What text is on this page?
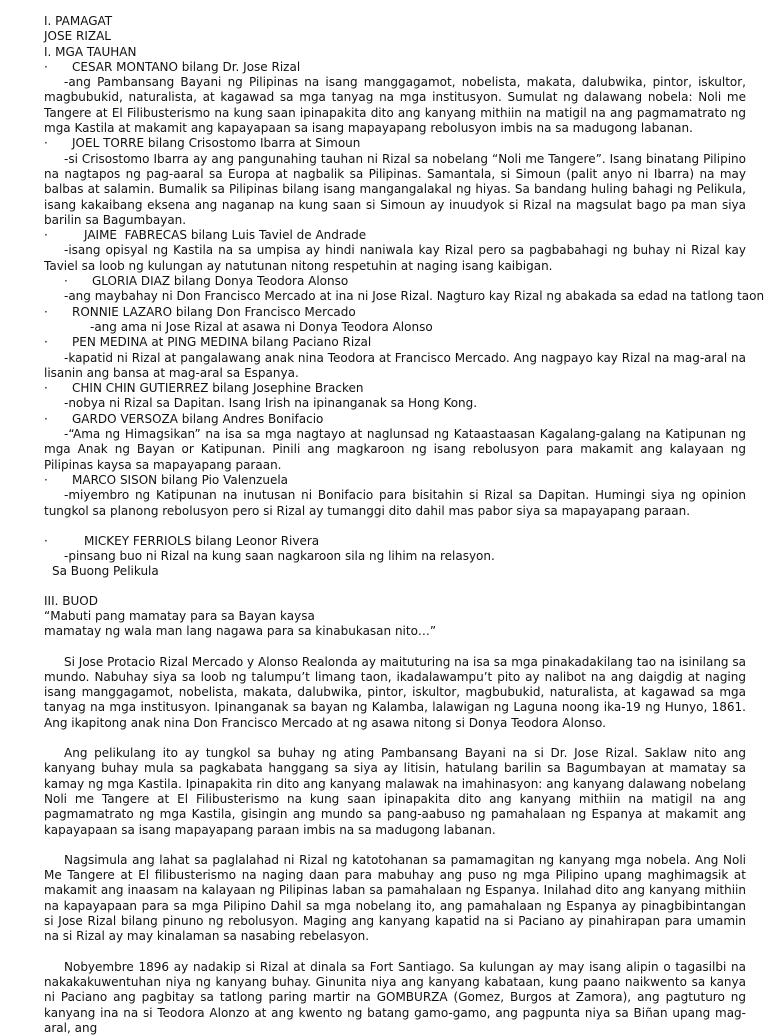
I. PAMAGAT
JOSE RIZAL
I. MGA TAUHAN
· CESAR MONTANO bilang Dr. Jose Rizal
-ang Pambansang Bayani ng Pilipinas na isang manggagamot, nobelista, makata, dalubwika, pintor, iskultor, magbubukid, naturalista, at kagawad sa mga tanyag na mga institusyon. Sumulat ng dalawang nobela: Noli me Tangere at El Filibusterismo na kung saan ipinapakita dito ang kanyang mithiin na matigil na ang pagmamatrato ng mga Kastila at makamit ang kapayapaan sa isang mapayapang rebolusyon imbis na sa madugong labanan.
· JOEL TORRE bilang Crisostomo Ibarra at Simoun
-si Crisostomo Ibarra ay ang pangunahing tauhan ni Rizal sa nobelang “Noli me Tangere”. Isang binatang Pilipino na nagtapos ng pag-aaral sa Europa at nagbalik sa Pilipinas. Samantala, si Simoun (palit anyo ni Ibarra) na may balbas at salamin. Bumalik sa Pilipinas bilang isang mangangalakal ng hiyas. Sa bandang huling bahagi ng Pelikula, isang kakaibang eksena ang naganap na kung saan si Simoun ay inuudyok si Rizal na magsulat bago pa man siya barilin sa Bagumbayan.
·	JAIME  FABRECAS bilang Luis Taviel de Andrade
-isang opisyal ng Kastila na sa umpisa ay hindi naniwala kay Rizal pero sa pagbabahagi ng buhay ni Rizal kay Taviel sa loob ng kulungan ay natutunan nitong respetuhin at naging isang kaibigan.
· GLORIA DIAZ bilang Donya Teodora Alonso
-ang maybahay ni Don Francisco Mercado at ina ni Jose Rizal. Nagturo kay Rizal ng abakada sa edad na tatlong taon
· RONNIE LAZARO bilang Don Francisco Mercado
-ang ama ni Jose Rizal at asawa ni Donya Teodora Alonso
· PEN MEDINA at PING MEDINA bilang Paciano Rizal
-kapatid ni Rizal at pangalawang anak nina Teodora at Francisco Mercado. Ang nagpayo kay Rizal na mag-aral na lisanin ang bansa at mag-aral sa Espanya.
· CHIN CHIN GUTIERREZ bilang Josephine Bracken
-nobya ni Rizal sa Dapitan. Isang Irish na ipinanganak sa Hong Kong.
· GARDO VERSOZA bilang Andres Bonifacio
-“Ama ng Himagsikan” na isa sa mga nagtayo at naglunsad ng Kataastaasan Kagalang-galang na Katipunan ng mga Anak ng Bayan or Katipunan. Pinili ang magkaroon ng isang rebolusyon para makamit ang kalayaan ng Pilipinas kaysa sa mapayapang paraan.
· MARCO SISON bilang Pio Valenzuela
-miyembro ng Katipunan na inutusan ni Bonifacio para bisitahin si Rizal sa Dapitan. Humingi siya ng opinion tungkol sa planong rebolusyon pero si Rizal ay tumanggi dito dahil mas pabor siya sa mapayapang paraan.
·	MICKEY FERRIOLS bilang Leonor Rivera
-pinsang buo ni Rizal na kung saan nagkaroon sila ng lihim na relasyon.
Sa Buong Pelikula
III. BUOD
“Mabuti pang mamatay para sa Bayan kaysa
mamatay ng wala man lang nagawa para sa kinabukasan nito…”
Si Jose Protacio Rizal Mercado y Alonso Realonda ay maituturing na isa sa mga pinakadakilang tao na isinilang sa mundo. Nabuhay siya sa loob ng talumpu’t limang taon, ikadalawampu’t pito ay nalibot na ang daigdig at naging isang manggagamot, nobelista, makata, dalubwika, pintor, iskultor, magbubukid, naturalista, at kagawad sa mga tanyag na mga institusyon. Ipinanganak sa bayan ng Kalamba, lalawigan ng Laguna noong ika-19 ng Hunyo, 1861. Ang ikapitong anak nina Don Francisco Mercado at ng asawa nitong si Donya Teodora Alonso.
Ang pelikulang ito ay tungkol sa buhay ng ating Pambansang Bayani na si Dr. Jose Rizal. Saklaw nito ang kanyang buhay mula sa pagkabata hanggang sa siya ay litisin, hatulang barilin sa Bagumbayan at mamatay sa kamay ng mga Kastila. Ipinapakita rin dito ang kanyang malawak na imahinasyon: ang kanyang dalawang nobelang Noli me Tangere at El Filibusterismo na kung saan ipinapakita dito ang kanyang mithiin na matigil na ang pagmamatrato ng mga Kastila, gisingin ang mundo sa pang-aabuso ng pamahalaan ng Espanya at makamit ang kapayapaan sa isang mapayapang paraan imbis na sa madugong labanan.
Nagsimula ang lahat sa paglalahad ni Rizal ng katotohanan sa pamamagitan ng kanyang mga nobela. Ang Noli Me Tangere at El filibusterismo na naging daan para mabuhay ang puso ng mga Pilipino upang maghimagsik at makamit ang inaasam na kalayaan ng Pilipinas laban sa pamahalaan ng Espanya. Inilahad dito ang kanyang mithiin na kapayapaan para sa mga Pilipino Dahil sa mga nobelang ito, ang pamahalaan ng Espanya ay pinagbibintangan si Jose Rizal bilang pinuno ng rebolusyon. Maging ang kanyang kapatid na si Paciano ay pinahirapan para umamin na si Rizal ay may kinalaman sa nasabing rebelasyon.
Nobyembre 1896 ay nadakip si Rizal at dinala sa Fort Santiago. Sa kulungan ay may isang alipin o tagasilbi na nakakakuwentuhan niya ng kanyang buhay. Ginunita niya ang kanyang kabataan, kung paano naikwento sa kanya ni Paciano ang pagbitay sa tatlong paring martir na GOMBURZA (Gomez, Burgos at Zamora), ang pagtuturo ng kanyang ina na si Teodora Alonzo at ang kwento ng batang gamo-gamo, ang pagpunta niya sa Biñan upang mag-aral, ang
